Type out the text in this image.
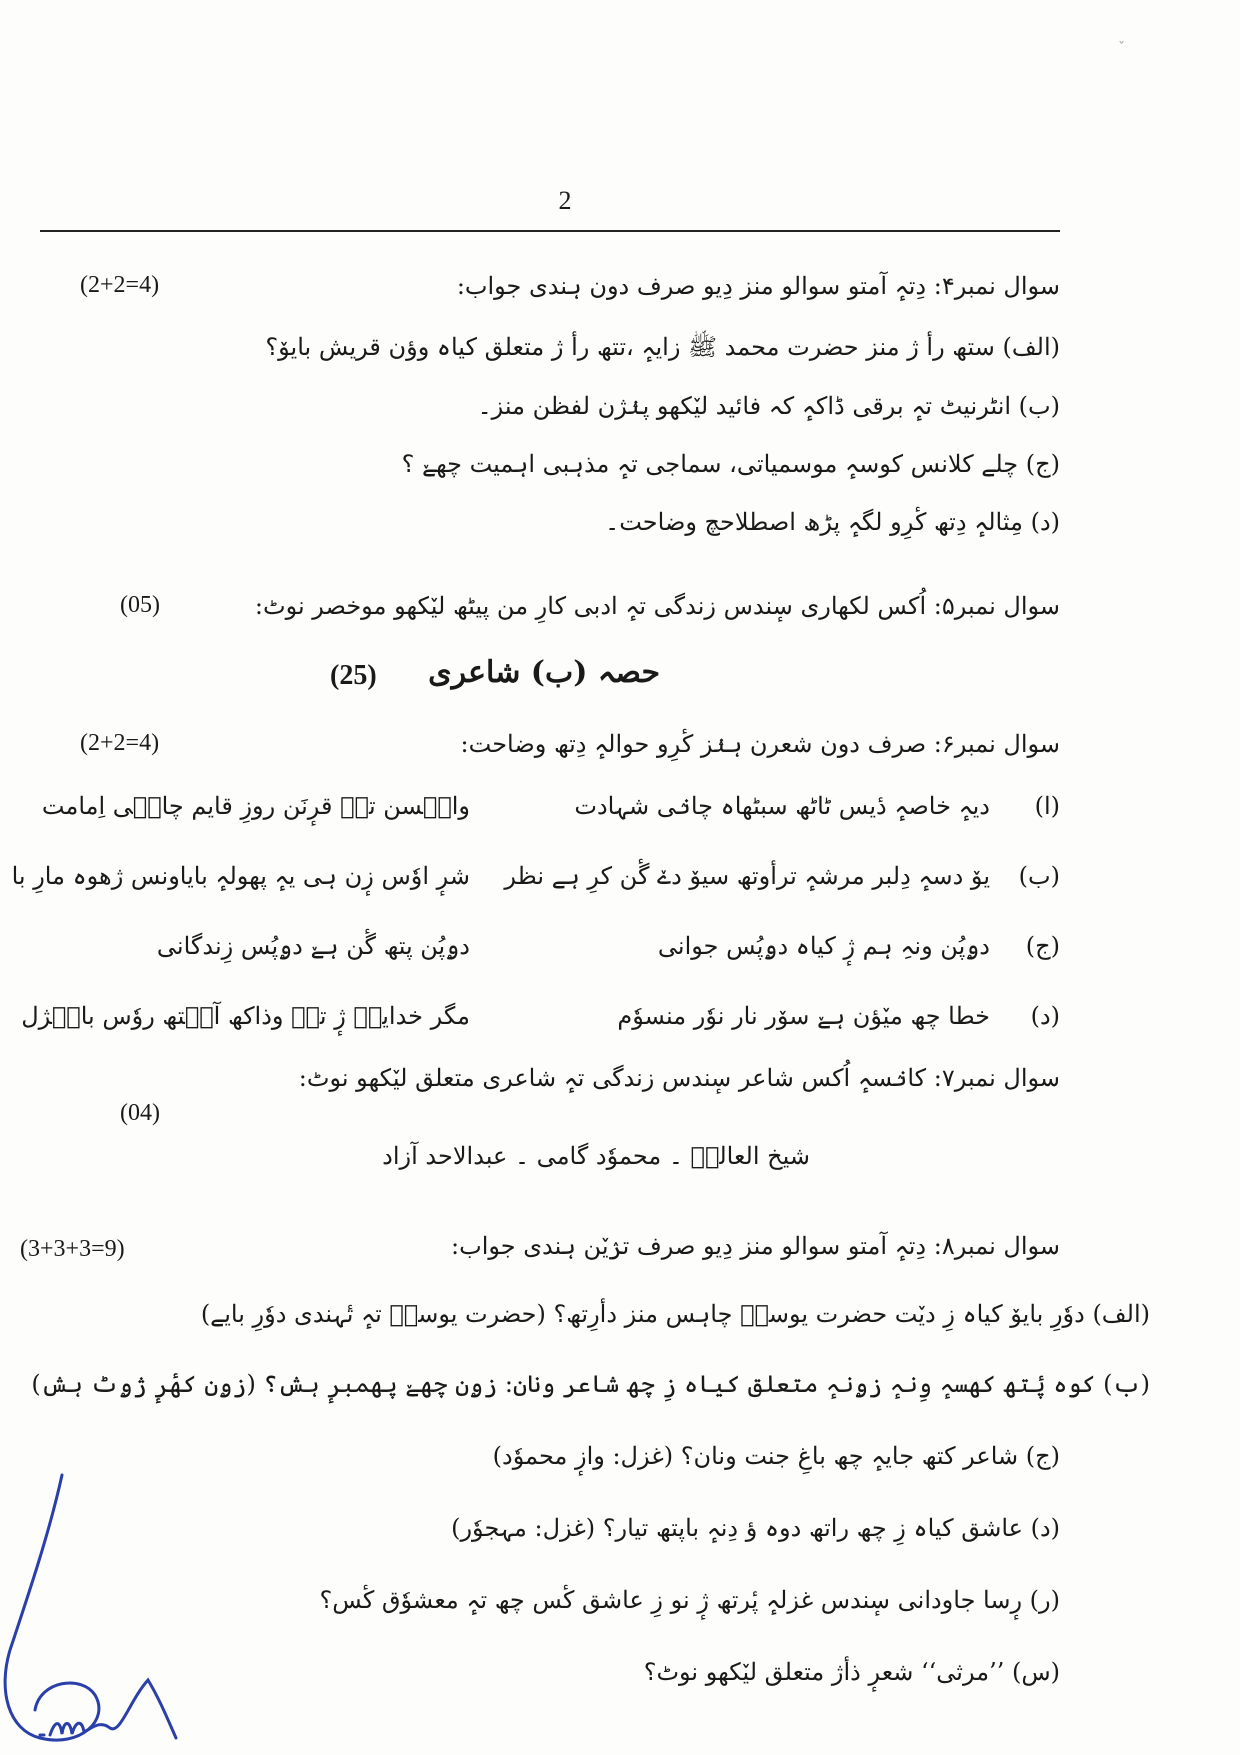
ˇ
2
سوال نمبر۴: دِتہٕ آمتو سوالو منز دِیو صرف دون ہندی جواب:
(2+2=4)
(الف) ستھ رأ ژ منز حضرت محمد ﷺ زایہٕ ،تتھ رأ ژ متعلق کیاہ وؤن قریش بایوٚ؟
(ب) انٹرنیٹ تہٕ برقی ڈاکہٕ کہ فائید لیٚکھو پنٛژن لفظن منز۔
(ج) چلے کلانس کوسہٕ موسمیاتی، سماجی تہٕ مذہبی اہمیت چھےٚ ؟
(د) مِثالہٕ دِتھ کٔرِو لگہٕ پڑھ اصطلاحچ وضاحت۔
سوال نمبر۵: اُکس لکھاری سٕندس زندگی تہٕ ادبی کارِ من پیٹھ لیٚکھو موخصر نوٹ:
(05)
حصہ (ب) شاعری
(25)
سوال نمبر۶: صرف دون شعرن ہنٛز کٔرِو حوالہٕ دِتھ وضاحت:
(2+2=4)
(ا)
دیہٕ خاصہٕ دٔیس ٹاٹھ سبٹھاہ چانٛی شہادت
وانٛسن تہٕ قرٕنَن روزِ قایم چانٛی اِمامت
(ب)
یوٚ دسہٕ دِلبر مرشہٕ ترأوتھ سیوٚ دےٚ گٔن کرِ ہے نظر
شرٕ اوٗس زٕن ہی یہٕ پھولہٕ بایاونس ژھوہ مارِ با
(ج)
دۄپُن ونہِ ہم ژٕ کیاہ دۄپُس جوانی
دۄپُن پتھ گٔن ہےٚ دۄپُس زِندگانی
(د)
خطا چھ میٚؤن ہےٚ سوٚر نار نوٗر منسوٗم
مگر خدایہٕ ژٕ تےٚ وذاکھ آنٛتھ روٗس بانٛژل
سوال نمبر۷: کانٛسہٕ اُکس شاعر سٕندس زندگی تہٕ شاعری متعلق لیٚکھو نوٹ:
(04)
شیخ العالمؒ ۔ محموٗد گامی ۔ عبدالاحد آزاد
سوال نمبر۸: دِتہٕ آمتو سوالو منز دِیو صرف ترٛیٚن ہندی جواب:
(3+3+3=9)
(الف) دوٗرِ بایوٚ کیاہ زِ دیٚت حضرت یوسفؑ چاہس منز دأرِتھ؟ (حضرت یوسفؑ تہٕ تٔہندی دوٗرِ بایے)
(ب) کوہ پٔتھ کھسہٕ وِنہٕ زۄنہٕ متعلق کیاہ زِ چھ شاعر ونان: زۄن چھےٚ پھمبرٕ ہش؟ (زۄن کھٔرٕ ژۄٹ ہش)
(ج) شاعر کتھ جایہٕ چھ باغِ جنت ونان؟ (غزل: وازٕ محموٗد)
(د) عاشق کیاہ زِ چھ راتھ دوہ ؤ دِنہٕ باپتھ تیار؟ (غزل: مہجوٗر)
(ر) رٕسا جاودانی سٕندس غزلہٕ پٔرتھ ژٕ نو زِ عاشق کٔس چھ تہٕ معشوٗق کٔس؟
(س) ’’مرثی‘‘ شعرٕ ذأژ متعلق لیٚکھو نوٹ؟
